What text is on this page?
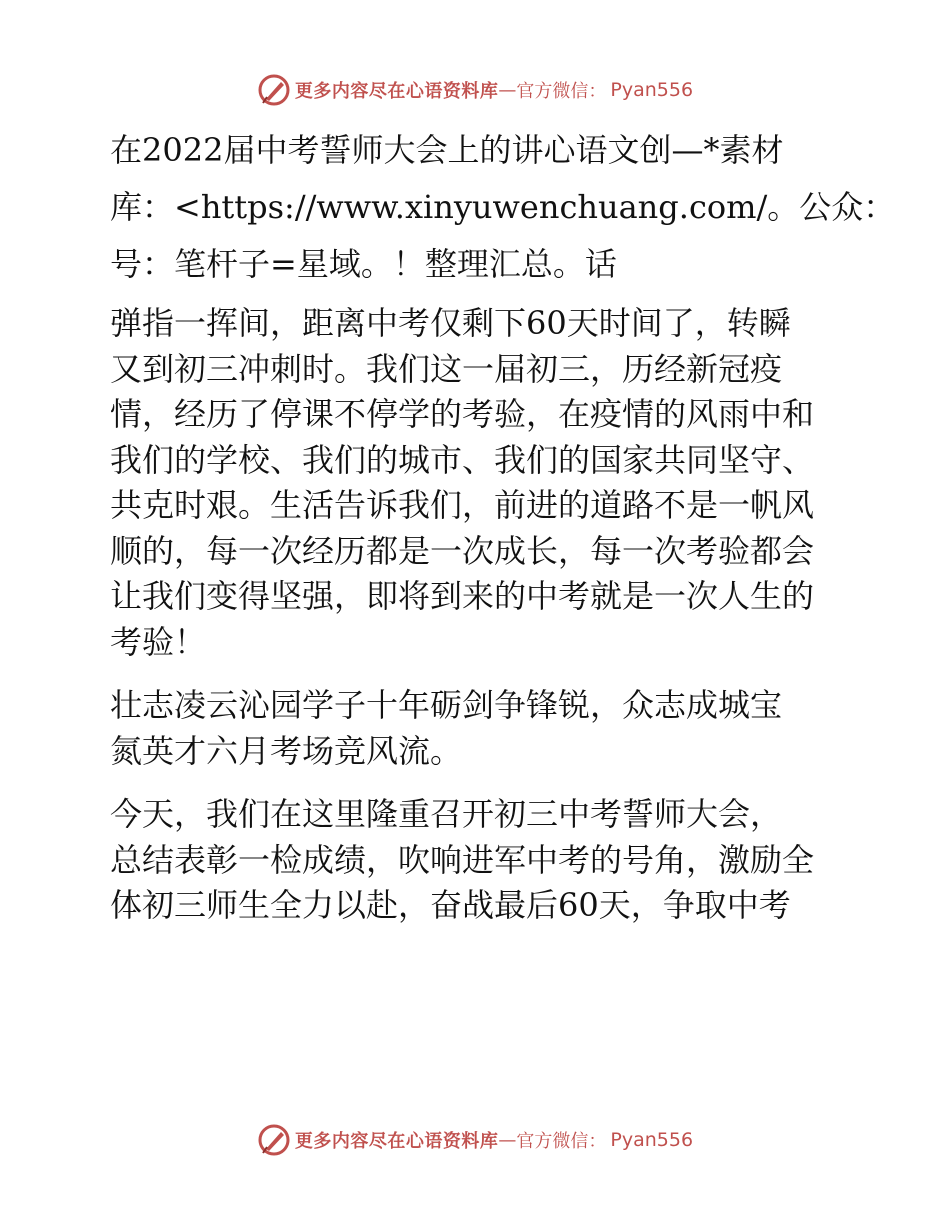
更多内容尽在心语资料库 — 官方微信： Pyan556

在2022届中考誓师大会上的讲心语文创—*素材
库：<https://www.xinyuwenchuang.com/。公众：
号：笔杆子=星域。！整理汇总。话

弹指一挥间，距离中考仅剩下60天时间了，转瞬
又到初三冲刺时。我们这一届初三，历经新冠疫
情，经历了停课不停学的考验，在疫情的风雨中和
我们的学校、我们的城市、我们的国家共同坚守、
共克时艰。生活告诉我们，前进的道路不是一帆风
顺的，每一次经历都是一次成长，每一次考验都会
让我们变得坚强，即将到来的中考就是一次人生的
考验！

壮志凌云沁园学子十年砺剑争锋锐，众志成城宝
氮英才六月考场竞风流。

今天，我们在这里隆重召开初三中考誓师大会，
总结表彰一检成绩，吹响进军中考的号角，激励全
体初三师生全力以赴，奋战最后60天，争取中考

更多内容尽在心语资料库 — 官方微信： Pyan556
